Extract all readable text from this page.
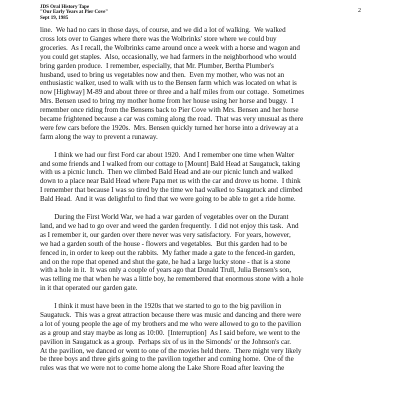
JDS Oral History Tape
"Our Early Years at Pier Cove"
Sept 19, 1985
2
line.  We had no cars in those days, of course, and we did a lot of walking.  We walked
cross lots over to Ganges where there was the Wolbrinks' store where we could buy
groceries.  As I recall, the Wolbrinks came around once a week with a horse and wagon and
you could get staples.  Also, occasionally, we had farmers in the neighborhood who would
bring garden produce.  I remember, especially, that Mr. Plumber, Bertha Plumber's
husband, used to bring us vegetables now and then.  Even my mother, who was not an
enthusiastic walker, used to walk with us to the Bensen farm which was located on what is
now [Highway] M-89 and about three or three and a half miles from our cottage.  Sometimes
Mrs. Bensen used to bring my mother home from her house using her horse and buggy.  I
remember once riding from the Bensens back to Pier Cove with Mrs. Bensen and her horse
became frightened because a car was coming along the road.  That was very unusual as there
were few cars before the 1920s.  Mrs. Bensen quickly turned her horse into a driveway at a
farm along the way to prevent a runaway.
I think we had our first Ford car about 1920.  And I remember one time when Walter
and some friends and I walked from our cottage to [Mount] Bald Head at Saugatuck, taking
with us a picnic lunch.  Then we climbed Bald Head and ate our picnic lunch and walked
down to a place near Bald Head where Papa met us with the car and drove us home.  I think
I remember that because I was so tired by the time we had walked to Saugatuck and climbed
Bald Head.  And it was delightful to find that we were going to be able to get a ride home.
During the First World War, we had a war garden of vegetables over on the Durant
land, and we had to go over and weed the garden frequently.  I did not enjoy this task.  And
as I remember it, our garden over there never was very satisfactory.  For years, however,
we had a garden south of the house - flowers and vegetables.  But this garden had to be
fenced in, in order to keep out the rabbits.  My father made a gate to the fenced-in garden,
and on the rope that opened and shut the gate, he had a large lucky stone - that is a stone
with a hole in it.  It was only a couple of years ago that Donald Trull, Julia Bensen's son,
was telling me that when he was a little boy, he remembered that enormous stone with a hole
in it that operated our garden gate.
I think it must have been in the 1920s that we started to go to the big pavilion in
Saugatuck.  This was a great attraction because there was music and dancing and there were
a lot of young people the age of my brothers and me who were allowed to go to the pavilion
as a group and stay maybe as long as 10:00.  [Interruption]  As I said before, we went to the
pavilion in Saugatuck as a group.  Perhaps six of us in the Simonds' or the Johnson's car.
At the pavilion, we danced or went to one of the movies held there.  There might very likely
be three boys and three girls going to the pavilion together and coming home.  One of the
rules was that we were not to come home along the Lake Shore Road after leaving the
